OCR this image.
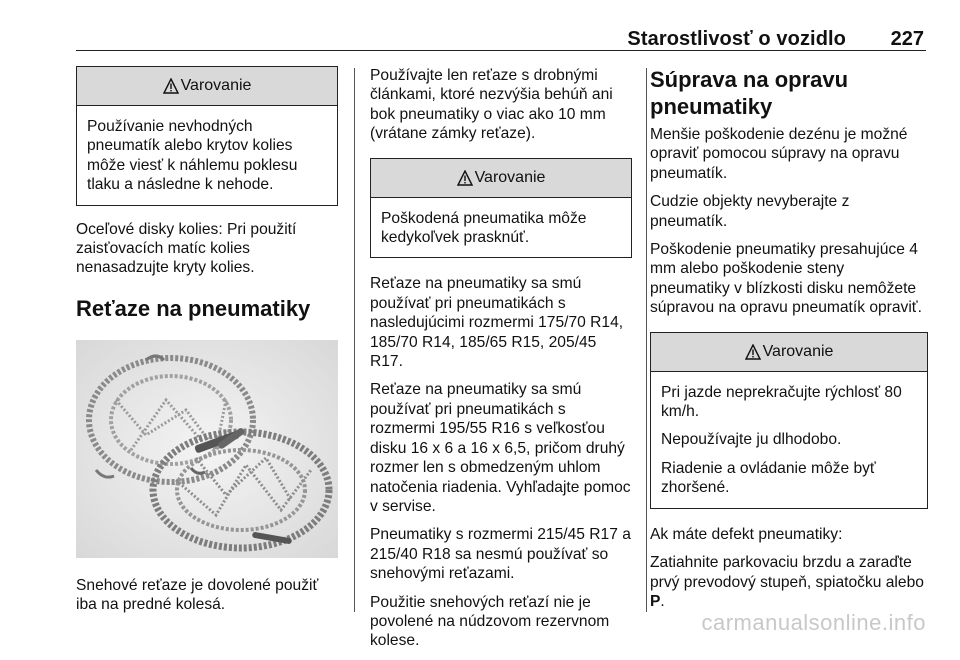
Starostlivosť o vozidlo 227
Varovanie

Používanie nevhodných pneumatík alebo krytov kolies môže viesť k náhlemu poklesu tlaku a následne k nehode.

Oceľové disky kolies: Pri použití zaisťovacích matíc kolies nenasadzujte kryty kolies.

Reťaze na pneumatiky

Snehové reťaze je dovolené použiť iba na predné kolesá.

Používajte len reťaze s drobnými článkami, ktoré nezvýšia behúň ani bok pneumatiky o viac ako 10 mm (vrátane zámky reťaze).

Varovanie

Poškodená pneumatika môže kedykoľvek prasknúť.

Reťaze na pneumatiky sa smú používať pri pneumatikách s nasledujúcimi rozmermi 175/70 R14, 185/70 R14, 185/65 R15, 205/45 R17.

Reťaze na pneumatiky sa smú používať pri pneumatikách s rozmermi 195/55 R16 s veľkosťou disku 16 x 6 a 16 x 6,5, pričom druhý rozmer len s obmedzeným uhlom natočenia riadenia. Vyhľadajte pomoc v servise.

Pneumatiky s rozmermi 215/45 R17 a 215/40 R18 sa nesmú používať so snehovými reťazami.

Použitie snehových reťazí nie je povolené na núdzovom rezervnom kolese.

Súprava na opravu pneumatiky

Menšie poškodenie dezénu je možné opraviť pomocou súpravy na opravu pneumatík.

Cudzie objekty nevyberajte z pneumatík.

Poškodenie pneumatiky presahujúce 4 mm alebo poškodenie steny pneumatiky v blízkosti disku nemôžete súpravou na opravu pneumatík opraviť.

Varovanie

Pri jazde neprekračujte rýchlosť 80 km/h.

Nepoužívajte ju dlhodobo.

Riadenie a ovládanie môže byť zhoršené.

Ak máte defekt pneumatiky:

Zatiahnite parkovaciu brzdu a zaraďte prvý prevodový stupeň, spiatočku alebo P.

carmanualsonline.info
